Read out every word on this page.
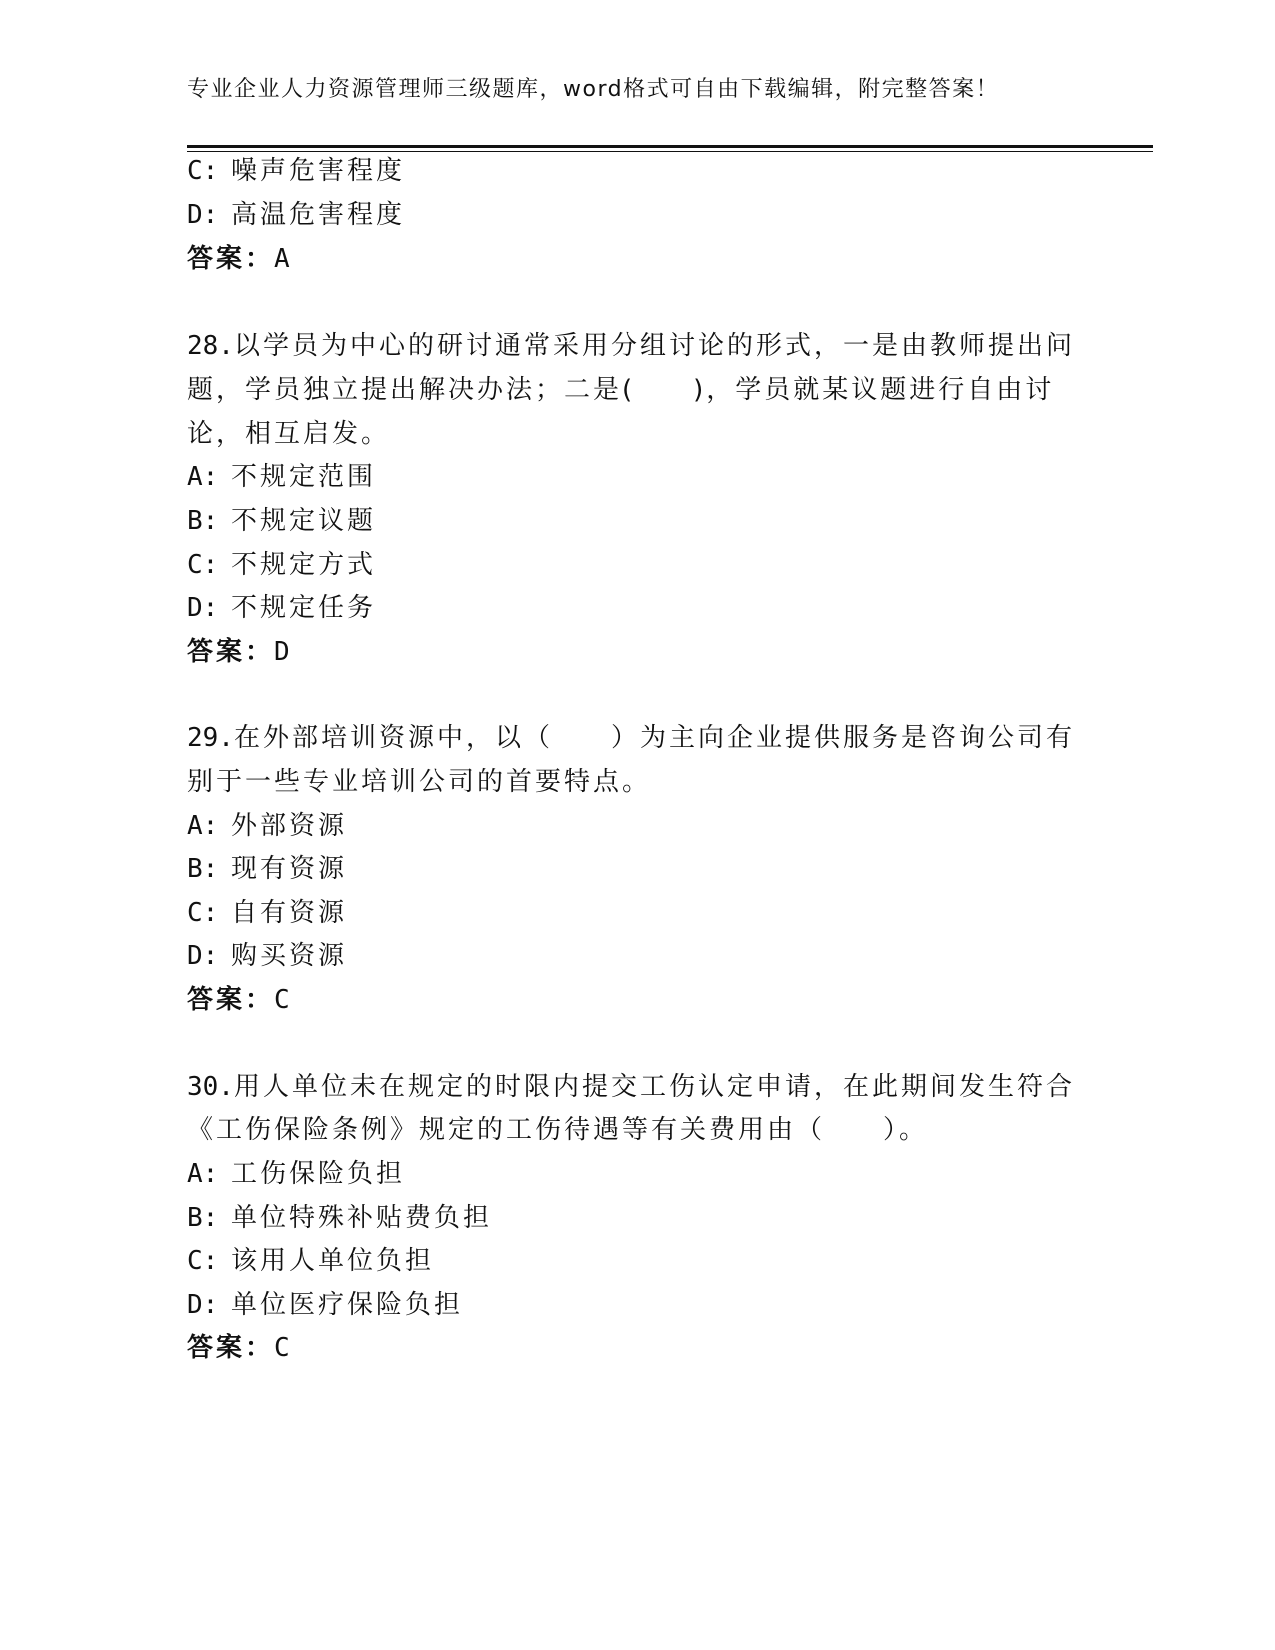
专业企业人力资源管理师三级题库，word格式可自由下载编辑，附完整答案！
C: 噪声危害程度
D: 高温危害程度
答案：A
28.以学员为中心的研讨通常采用分组讨论的形式，一是由教师提出问
题，学员独立提出解决办法；二是(　　)，学员就某议题进行自由讨
论，相互启发。
A: 不规定范围
B: 不规定议题
C: 不规定方式
D: 不规定任务
答案：D
29.在外部培训资源中，以（　　）为主向企业提供服务是咨询公司有
别于一些专业培训公司的首要特点。
A: 外部资源
B: 现有资源
C: 自有资源
D: 购买资源
答案：C
30.用人单位未在规定的时限内提交工伤认定申请，在此期间发生符合
《工伤保险条例》规定的工伤待遇等有关费用由（　　）。
A: 工伤保险负担
B: 单位特殊补贴费负担
C: 该用人单位负担
D: 单位医疗保险负担
答案：C
